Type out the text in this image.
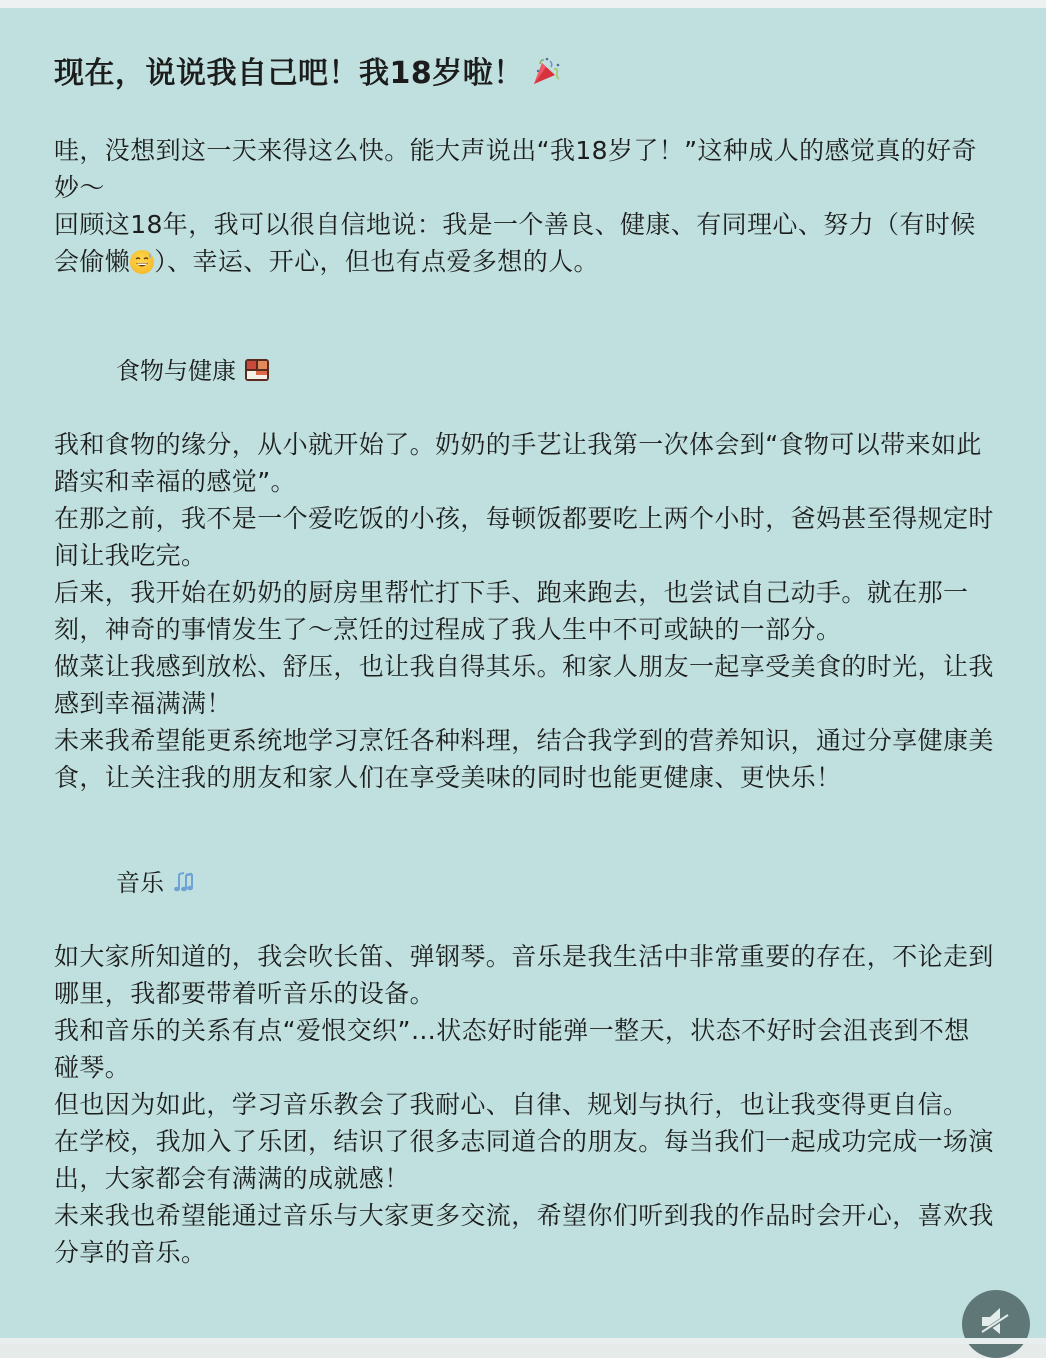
现在，说说我自己吧！我18岁啦！

哇，没想到这一天来得这么快。能大声说出“我18岁了！”这种成人的感觉真的好奇妙～

回顾这18年，我可以很自信地说：我是一个善良、健康、有同理心、努力（有时候会偷懒 ）、幸运、开心，但也有点爱多想的人。

食物与健康

我和食物的缘分，从小就开始了。奶奶的手艺让我第一次体会到“食物可以带来如此踏实和幸福的感觉”。

在那之前，我不是一个爱吃饭的小孩，每顿饭都要吃上两个小时，爸妈甚至得规定时间让我吃完。

后来，我开始在奶奶的厨房里帮忙打下手、跑来跑去，也尝试自己动手。就在那一刻，神奇的事情发生了～烹饪的过程成了我人生中不可或缺的一部分。

做菜让我感到放松、舒压，也让我自得其乐。和家人朋友一起享受美食的时光，让我感到幸福满满！

未来我希望能更系统地学习烹饪各种料理，结合我学到的营养知识，通过分享健康美食，让关注我的朋友和家人们在享受美味的同时也能更健康、更快乐！

音乐

如大家所知道的，我会吹长笛、弹钢琴。音乐是我生活中非常重要的存在，不论走到哪里，我都要带着听音乐的设备。

我和音乐的关系有点“爱恨交织”…状态好时能弹一整天，状态不好时会沮丧到不想碰琴。

但也因为如此，学习音乐教会了我耐心、自律、规划与执行，也让我变得更自信。

在学校，我加入了乐团，结识了很多志同道合的朋友。每当我们一起成功完成一场演出，大家都会有满满的成就感！

未来我也希望能通过音乐与大家更多交流，希望你们听到我的作品时会开心，喜欢我分享的音乐。
